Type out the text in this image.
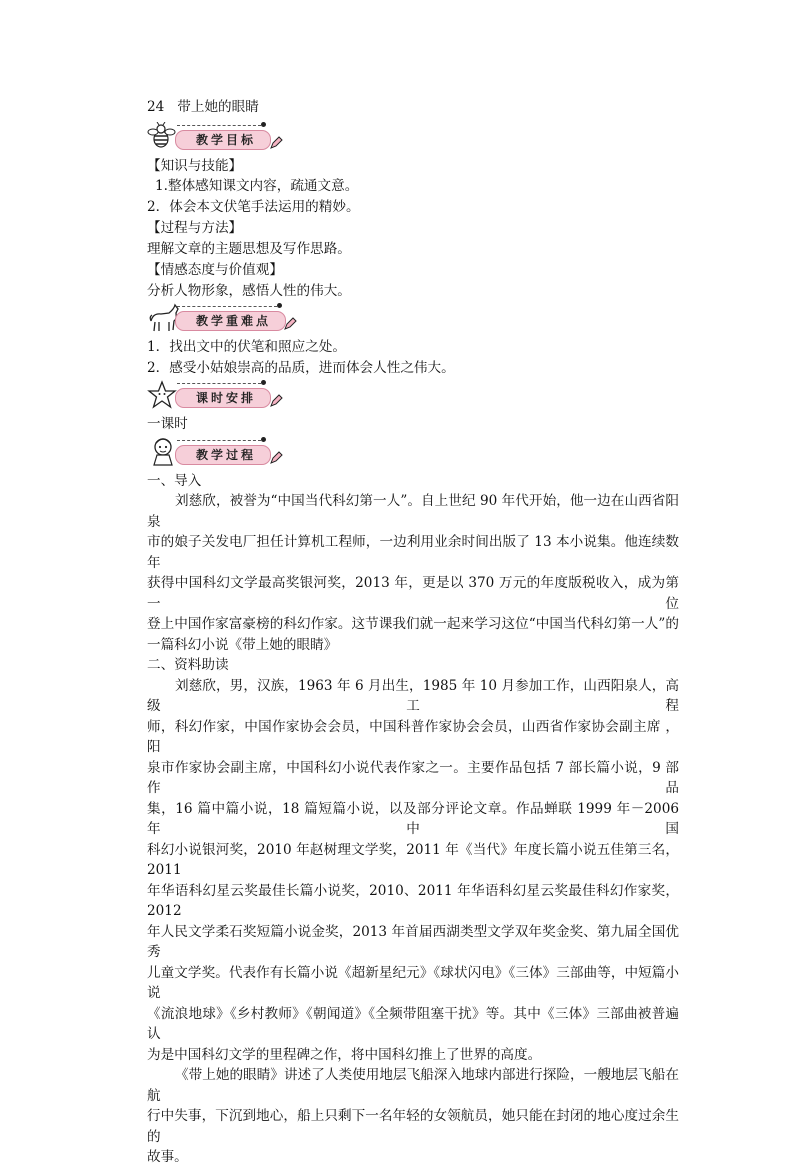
24 带上她的眼睛
教学目标
【知识与技能】
1.整体感知课文内容，疏通文意。
2．体会本文伏笔手法运用的精妙。
【过程与方法】
理解文章的主题思想及写作思路。
【情感态度与价值观】
分析人物形象，感悟人性的伟大。
教学重难点
1．找出文中的伏笔和照应之处。
2．感受小姑娘崇高的品质，进而体会人性之伟大。
课时安排
一课时
教学过程
一、导入
刘慈欣，被誉为“中国当代科幻第一人”。自上世纪 90 年代开始，他一边在山西省阳泉
市的娘子关发电厂担任计算机工程师，一边利用业余时间出版了 13 本小说集。他连续数年
获得中国科幻文学最高奖银河奖，2013 年，更是以 370 万元的年度版税收入，成为第一位
登上中国作家富豪榜的科幻作家。这节课我们就一起来学习这位“中国当代科幻第一人”的
一篇科幻小说《带上她的眼睛》
二、资料助读
刘慈欣，男，汉族，1963 年 6 月出生，1985 年 10 月参加工作，山西阳泉人，高级工程
师，科幻作家，中国作家协会会员，中国科普作家协会会员，山西省作家协会副主席 ，阳
泉市作家协会副主席，中国科幻小说代表作家之一。主要作品包括 7 部长篇小说，9 部作品
集，16 篇中篇小说，18 篇短篇小说，以及部分评论文章。作品蝉联 1999 年－2006 年中国
科幻小说银河奖，2010 年赵树理文学奖，2011 年《当代》年度长篇小说五佳第三名，2011
年华语科幻星云奖最佳长篇小说奖，2010、2011 年华语科幻星云奖最佳科幻作家奖，2012
年人民文学柔石奖短篇小说金奖，2013 年首届西湖类型文学双年奖金奖、第九届全国优秀
儿童文学奖。代表作有长篇小说《超新星纪元》《球状闪电》《三体》三部曲等，中短篇小说
《流浪地球》《乡村教师》《朝闻道》《全频带阻塞干扰》等。其中《三体》三部曲被普遍认
为是中国科幻文学的里程碑之作，将中国科幻推上了世界的高度。
《带上她的眼睛》讲述了人类使用地层飞船深入地球内部进行探险，一艘地层飞船在航
行中失事，下沉到地心，船上只剩下一名年轻的女领航员，她只能在封闭的地心度过余生的
故事。
